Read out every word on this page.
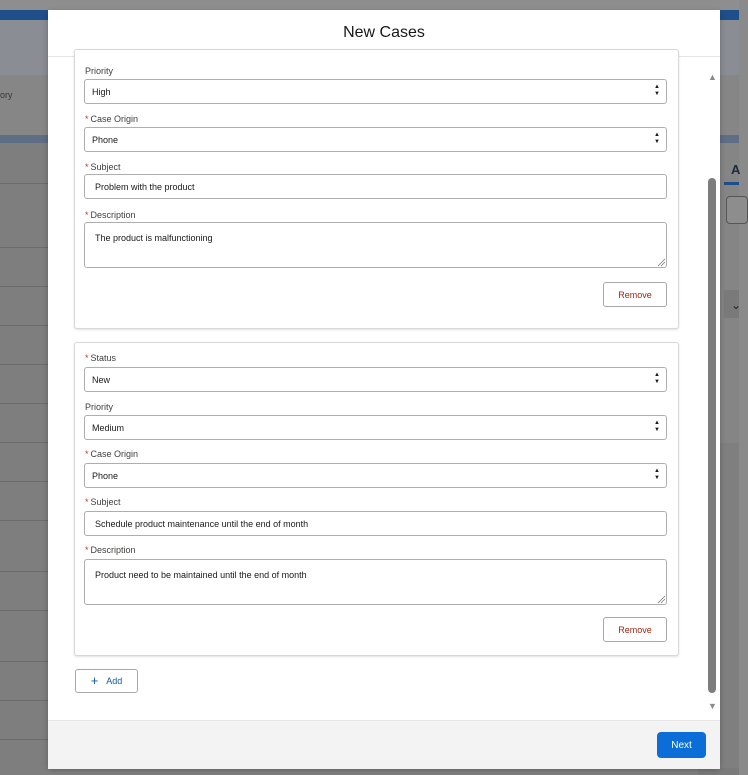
ory
A
⌄
New Cases
Priority
High	▲
▼
* Case Origin
Phone	▲
▼
* Subject
Problem with the product
* Description
The product is malfunctioning
Remove
* Status
New	▲
▼
Priority
Medium	▲
▼
* Case Origin
Phone	▲
▼
* Subject
Schedule product maintenance until the end of month
* Description
Product need to be maintained until the end of month
Remove
+ Add
▲
▼
Next
